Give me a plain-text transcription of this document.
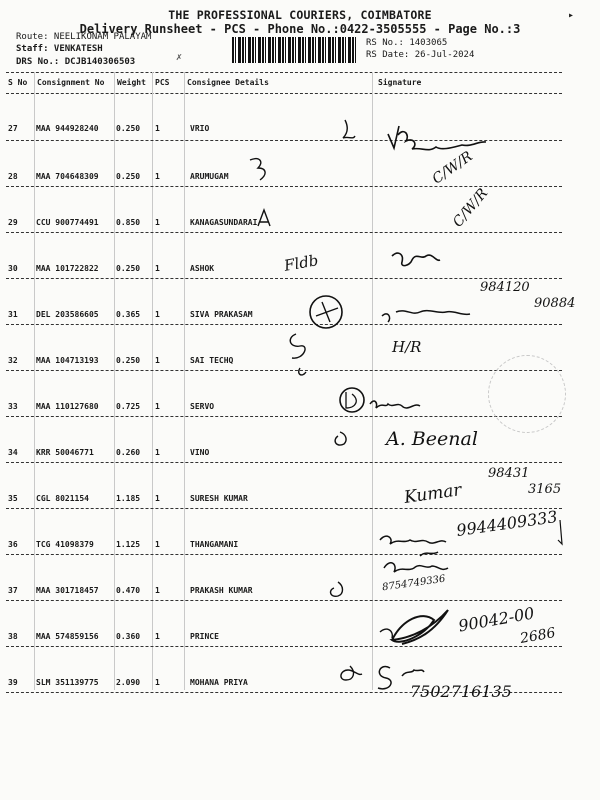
THE PROFESSIONAL COURIERS, COIMBATORE
Delivery Runsheet - PCS - Phone No.:0422-3505555 - Page No.:3
Route: NEELIKONAM PALAYAM
Staff: VENKATESH
DRS No.: DCJB140306503
RS No.: 1403065
RS Date: 26-Jul-2024
▸
✗
S No Consignment No Weight PCS Consignee Details	Signature
27 MAA 944928240 0.250 1	VRIO
28 MAA 704648309 0.250 1	ARUMUGAM
29 CCU 900774491 0.850 1	KANAGASUNDARAI
30 MAA 101722822 0.250 1	ASHOK
31 DEL 203586605 0.365 1	SIVA PRAKASAM
32 MAA 104713193 0.250 1	SAI TECHQ
33 MAA 110127680 0.725 1	SERVO
34 KRR 50046771	0.260 1	VINO
35 CGL 8021154	1.185 1	SURESH KUMAR
36 TCG 41098379	1.125 1	THANGAMANI
37 MAA 301718457 0.470 1	PRAKASH KUMAR
38 MAA 574859156 0.360 1	PRINCE
39 SLM 351139775 2.090 1	MOHANA PRIYA
C/W/R
C/W/R
Fldb
984120
90884
H/R
A. Beenal
98431
3165
Kumar
9944409333
8754749336
90042-00
2686
7502716135
